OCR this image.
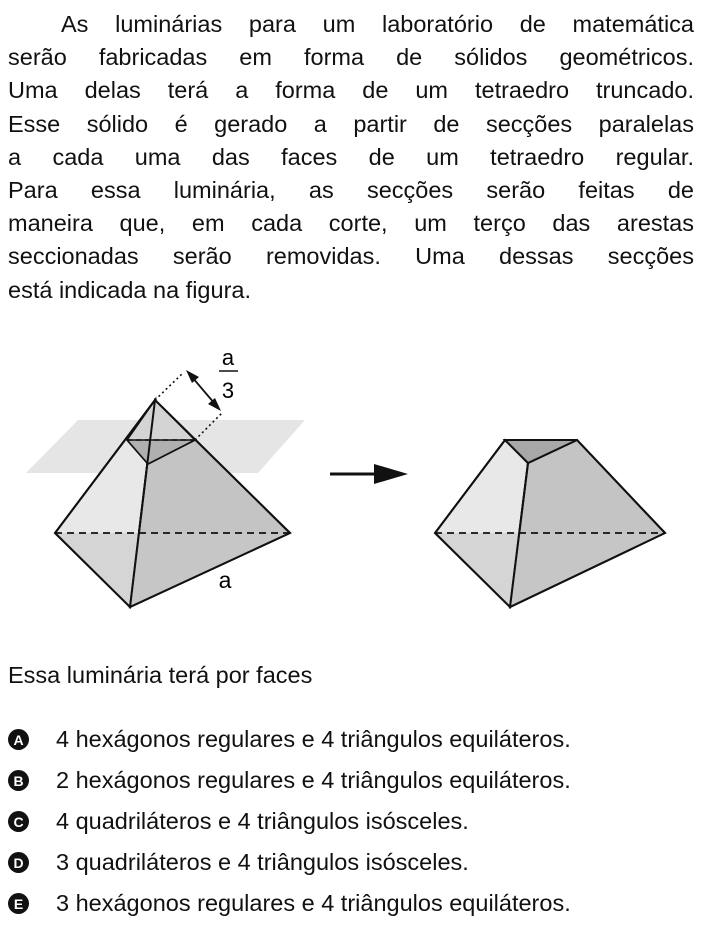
As luminárias para um laboratório de matemática
serão fabricadas em forma de sólidos geométricos.
Uma delas terá a forma de um tetraedro truncado.
Esse sólido é gerado a partir de secções paralelas
a cada uma das faces de um tetraedro regular.
Para essa luminária, as secções serão feitas de
maneira que, em cada corte, um terço das arestas
seccionadas serão removidas. Uma dessas secções
está indicada na figura.
a
3
a
Essa luminária terá por faces
A 4 hexágonos regulares e 4 triângulos equiláteros.
B 2 hexágonos regulares e 4 triângulos equiláteros.
C 4 quadriláteros e 4 triângulos isósceles.
D 3 quadriláteros e 4 triângulos isósceles.
E 3 hexágonos regulares e 4 triângulos equiláteros.
